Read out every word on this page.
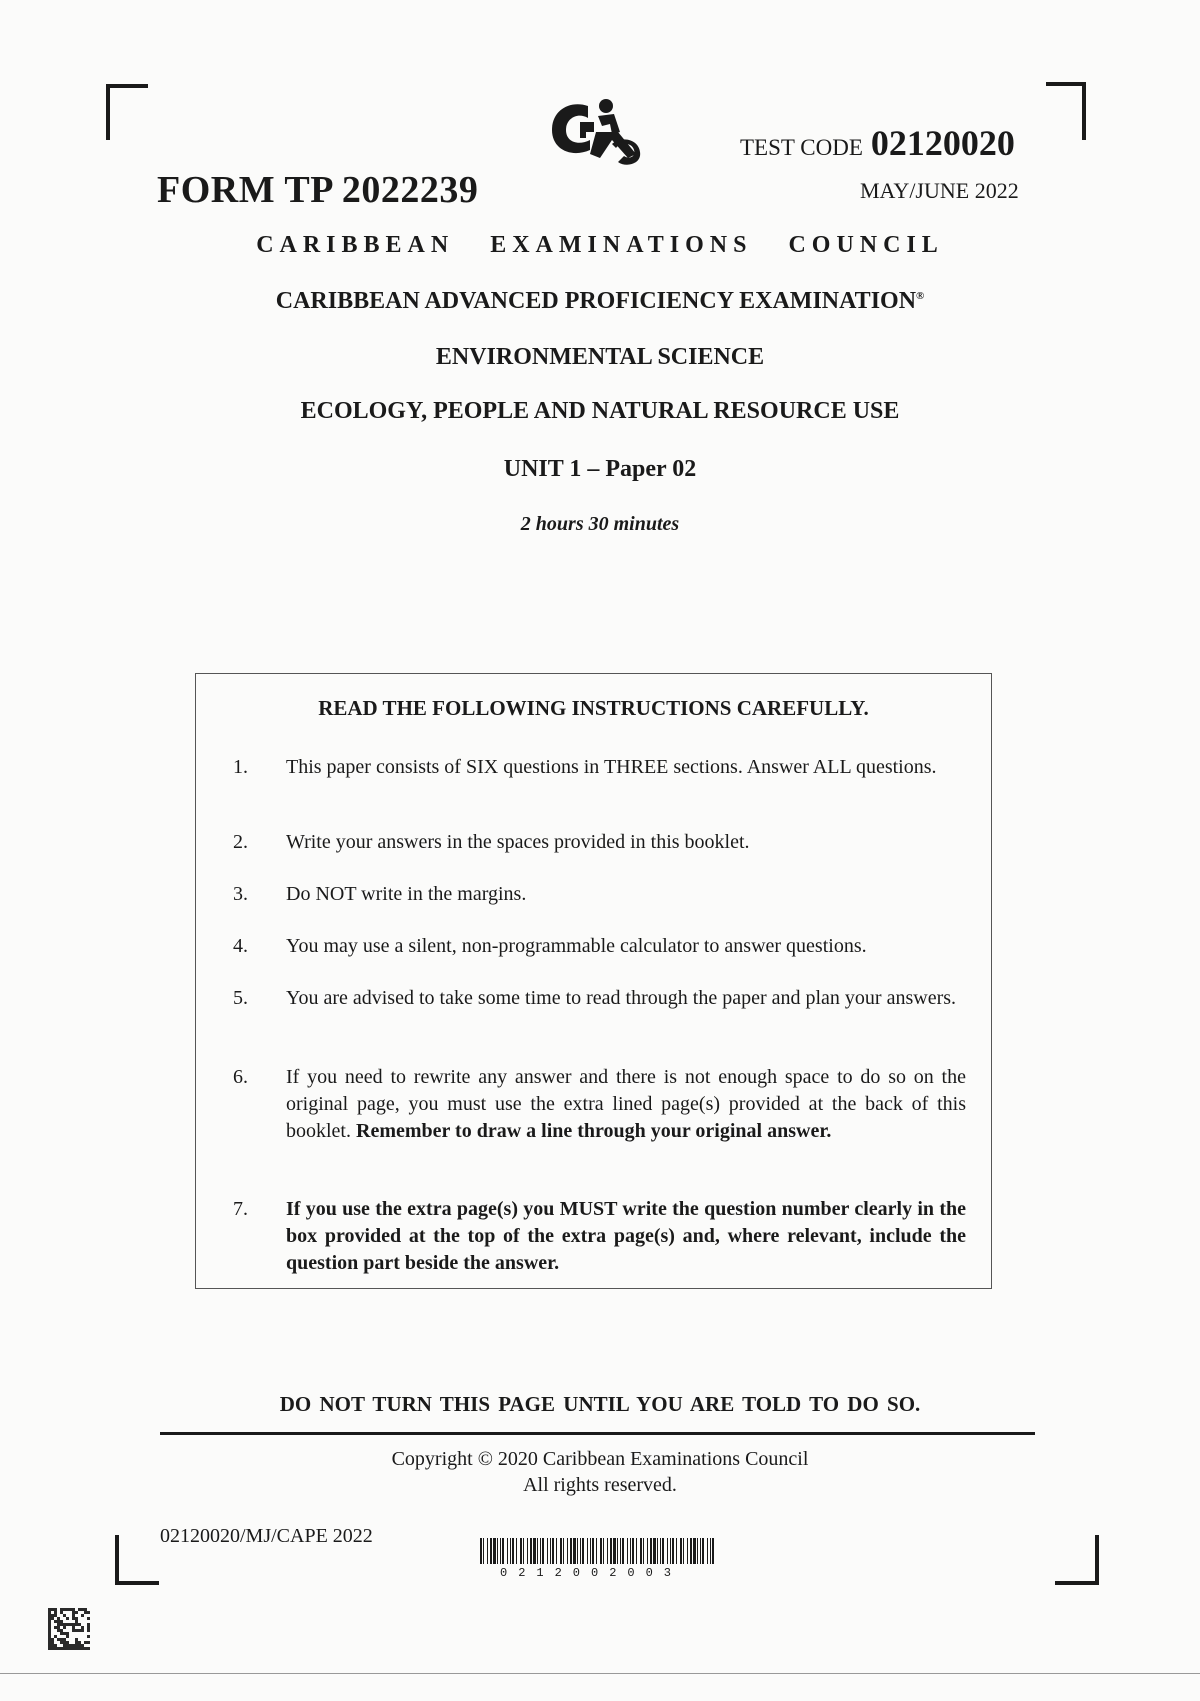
FORM TP 2022239
TEST CODE 02120020
MAY/JUNE 2022
CARIBBEAN EXAMINATIONS COUNCIL
CARIBBEAN ADVANCED PROFICIENCY EXAMINATION®
ENVIRONMENTAL SCIENCE
ECOLOGY, PEOPLE AND NATURAL RESOURCE USE
UNIT 1 – Paper 02
2 hours 30 minutes
READ THE FOLLOWING INSTRUCTIONS CAREFULLY.
1. This paper consists of SIX questions in THREE sections. Answer ALL questions.
2. Write your answers in the spaces provided in this booklet.
3. Do NOT write in the margins.
4. You may use a silent, non-programmable calculator to answer questions.
5. You are advised to take some time to read through the paper and plan your answers.
6. If you need to rewrite any answer and there is not enough space to do so on the original page, you must use the extra lined page(s) provided at the back of this booklet. Remember to draw a line through your original answer.
7. If you use the extra page(s) you MUST write the question number clearly in the box provided at the top of the extra page(s) and, where relevant, include the question part beside the answer.
DO NOT TURN THIS PAGE UNTIL YOU ARE TOLD TO DO SO.
Copyright © 2020 Caribbean Examinations Council
All rights reserved.
02120020/MJ/CAPE 2022
0212002003
